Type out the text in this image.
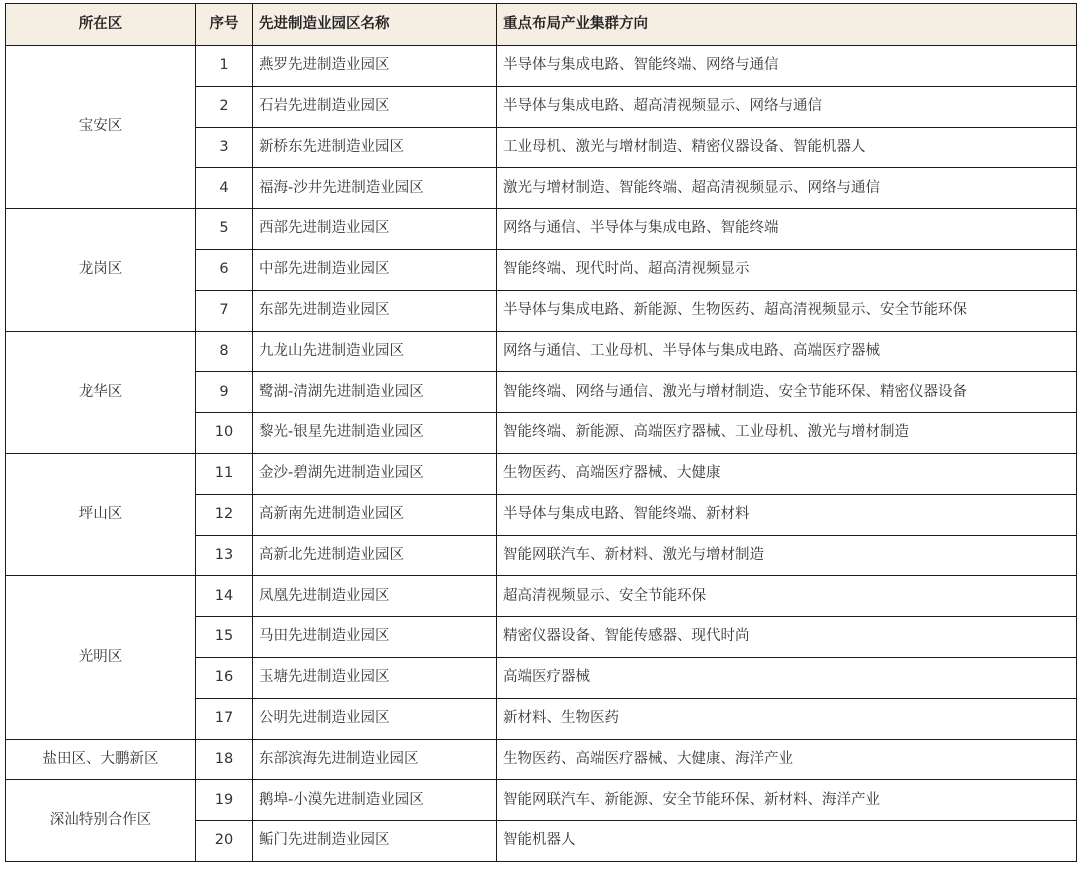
所在区	序号	先进制造业园区名称	重点布局产业集群方向
宝安区	1	燕罗先进制造业园区	半导体与集成电路、智能终端、网络与通信
	2	石岩先进制造业园区	半导体与集成电路、超高清视频显示、网络与通信
	3	新桥东先进制造业园区	工业母机、激光与增材制造、精密仪器设备、智能机器人
	4	福海-沙井先进制造业园区	激光与增材制造、智能终端、超高清视频显示、网络与通信
龙岗区	5	西部先进制造业园区	网络与通信、半导体与集成电路、智能终端
	6	中部先进制造业园区	智能终端、现代时尚、超高清视频显示
	7	东部先进制造业园区	半导体与集成电路、新能源、生物医药、超高清视频显示、安全节能环保
龙华区	8	九龙山先进制造业园区	网络与通信、工业母机、半导体与集成电路、高端医疗器械
	9	鹭湖-清湖先进制造业园区	智能终端、网络与通信、激光与增材制造、安全节能环保、精密仪器设备
	10	黎光-银星先进制造业园区	智能终端、新能源、高端医疗器械、工业母机、激光与增材制造
坪山区	11	金沙-碧湖先进制造业园区	生物医药、高端医疗器械、大健康
	12	高新南先进制造业园区	半导体与集成电路、智能终端、新材料
	13	高新北先进制造业园区	智能网联汽车、新材料、激光与增材制造
光明区	14	凤凰先进制造业园区	超高清视频显示、安全节能环保
	15	马田先进制造业园区	精密仪器设备、智能传感器、现代时尚
	16	玉塘先进制造业园区	高端医疗器械
	17	公明先进制造业园区	新材料、生物医药
盐田区、大鹏新区	18	东部滨海先进制造业园区	生物医药、高端医疗器械、大健康、海洋产业
深汕特别合作区	19	鹅埠-小漠先进制造业园区	智能网联汽车、新能源、安全节能环保、新材料、海洋产业
	20	鲘门先进制造业园区	智能机器人
